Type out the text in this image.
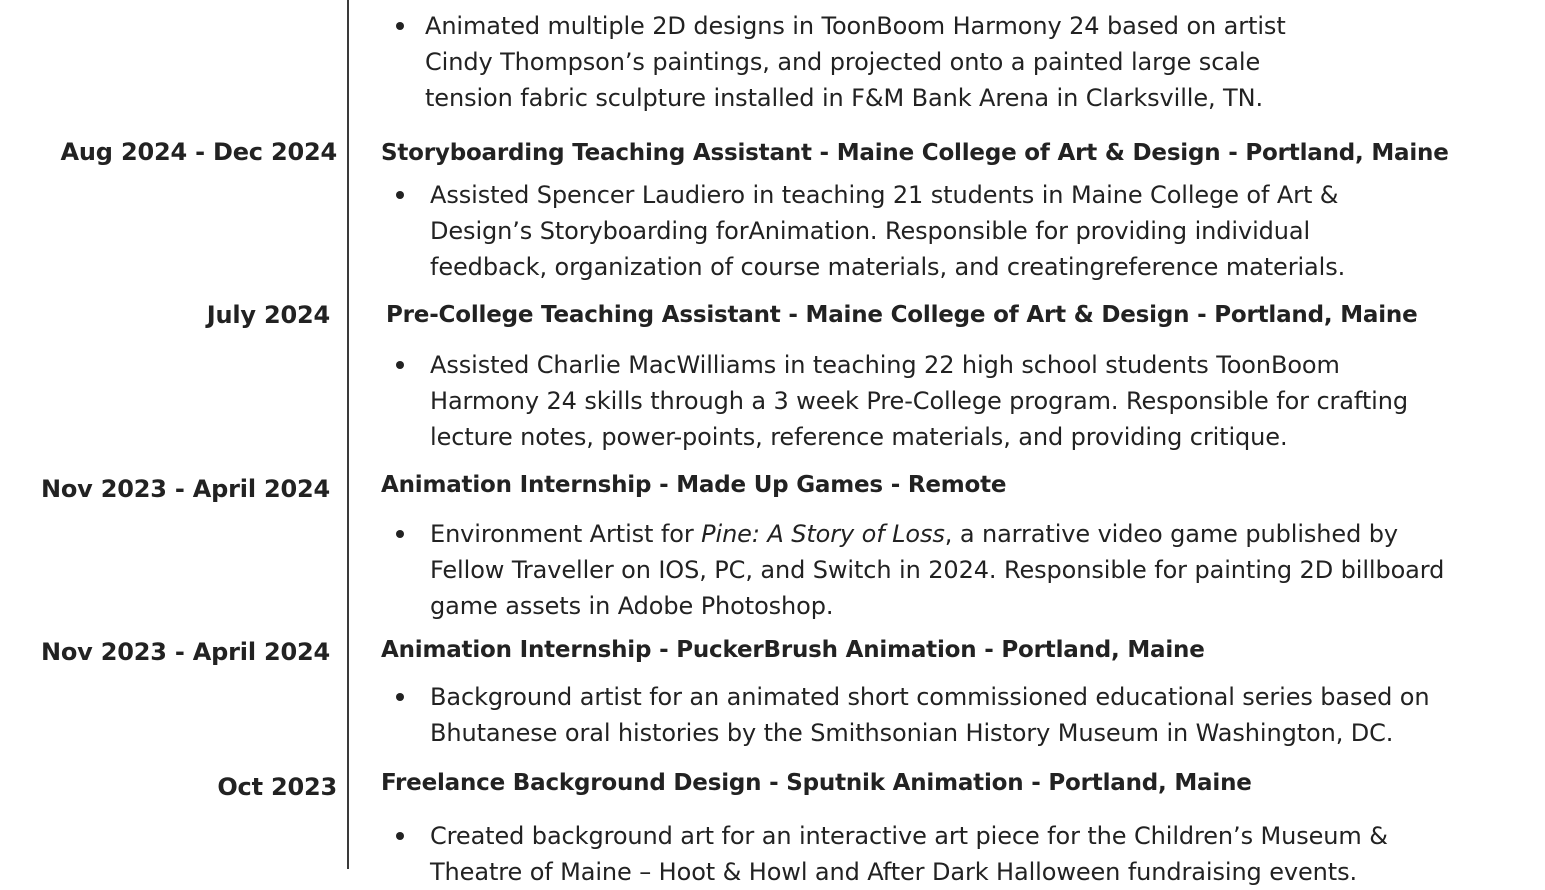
Animated multiple 2D designs in ToonBoom Harmony 24 based on artist
Cindy Thompson’s paintings, and projected onto a painted large scale
tension fabric sculpture installed in F&M Bank Arena in Clarksville, TN.
Aug 2024 - Dec 2024 Storyboarding Teaching Assistant - Maine College of Art & Design - Portland, Maine
Assisted Spencer Laudiero in teaching 21 students in Maine College of Art &
Design’s Storyboarding forAnimation. Responsible for providing individual
feedback, organization of course materials, and creatingreference materials.
July 2024 Pre-College Teaching Assistant - Maine College of Art & Design - Portland, Maine
Assisted Charlie MacWilliams in teaching 22 high school students ToonBoom
Harmony 24 skills through a 3 week Pre-College program. Responsible for crafting
lecture notes, power-points, reference materials, and providing critique.
Nov 2023 - April 2024 Animation Internship - Made Up Games - Remote
Environment Artist for Pine: A Story of Loss, a narrative video game published by
Fellow Traveller on IOS, PC, and Switch in 2024. Responsible for painting 2D billboard
game assets in Adobe Photoshop.
Nov 2023 - April 2024 Animation Internship - PuckerBrush Animation - Portland, Maine
Background artist for an animated short commissioned educational series based on
Bhutanese oral histories by the Smithsonian History Museum in Washington, DC.
Oct 2023 Freelance Background Design - Sputnik Animation - Portland, Maine
Created background art for an interactive art piece for the Children’s Museum &
Theatre of Maine – Hoot & Howl and After Dark Halloween fundraising events.
